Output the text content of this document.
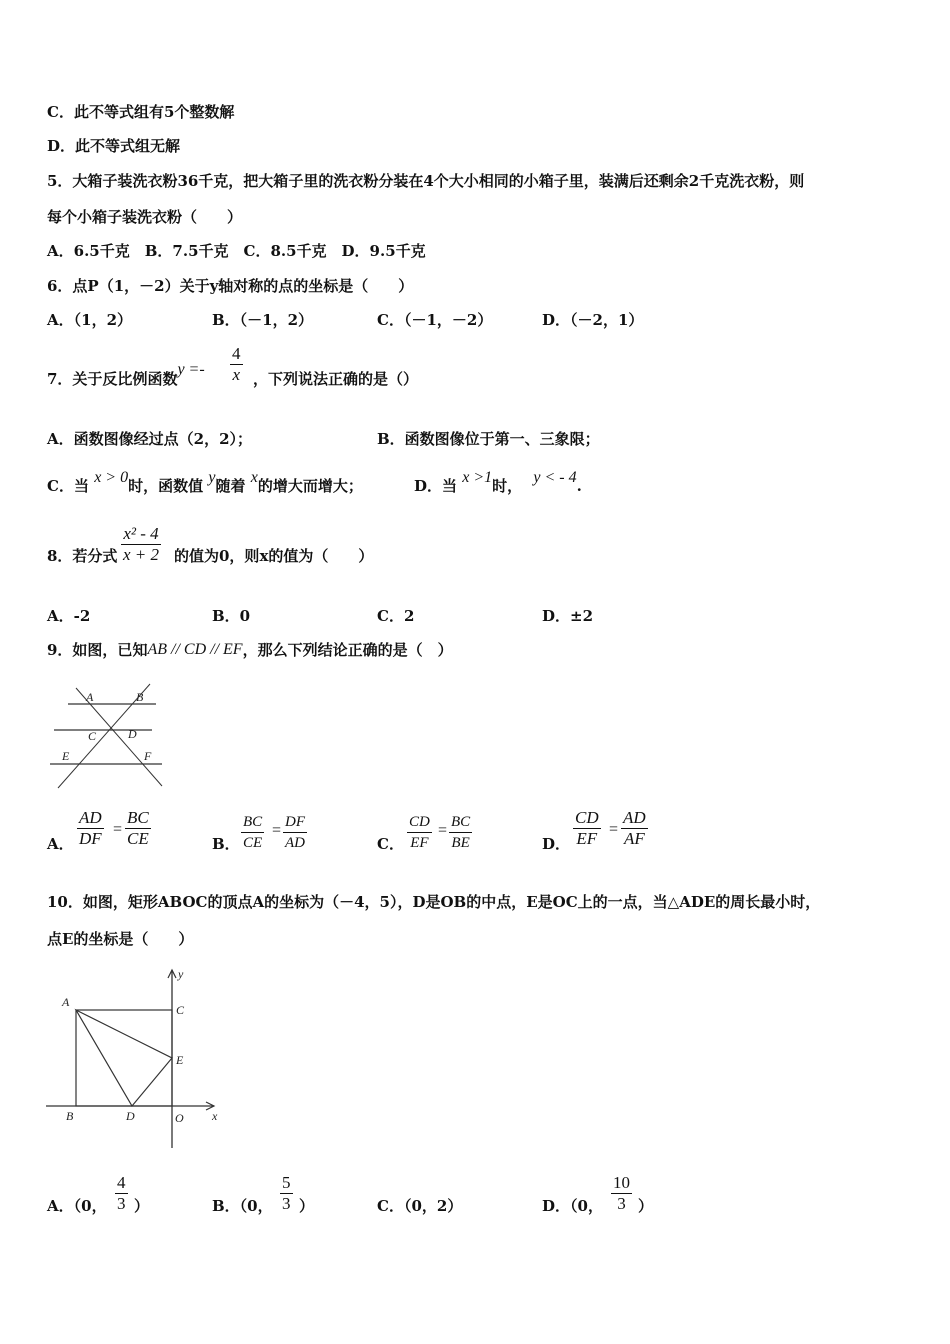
C．此不等式组有5个整数解
D．此不等式组无解
5．大箱子装洗衣粉36千克，把大箱子里的洗衣粉分装在4个大小相同的小箱子里，装满后还剩余2千克洗衣粉，则
每个小箱子装洗衣粉（　　）
A．6.5千克　B．7.5千克　C．8.5千克　D．9.5千克
6．点P（1，－2）关于y轴对称的点的坐标是（　　）
A．（1，2）	B．（－1，2）	C．（－1，－2）	D．（－2，1）
7．关于反比例函数y =-	$\frac{4}{x}$ ，下列说法正确的是（）
A．函数图像经过点（2，2）；	B．函数图像位于第一、三象限；
C．当 x > 0时，函数值 y随着 x的增大而增大；	D．当 x >1时， y < - 4.
8．若分式 $\frac{\text{x² - 4}}{x + 2}$ 的值为0，则x的值为（　　）
A．-2	B．0	C．2	D．±2
9．如图，已知AB // CD // EF，那么下列结论正确的是（　）
A	B
C	D
E	F
A． $\frac{AD}{DF} = \frac{BC}{CE}$	B． $\frac{BC}{CE} = \frac{DF}{AD}$	C． $\frac{CD}{EF} = \frac{BC}{BE}$	D． $\frac{CD}{EF} = \frac{AD}{AF}$
10．如图，矩形ABOC的顶点A的坐标为（－4，5），D是OB的中点，E是OC上的一点，当△ADE的周长最小时，
点E的坐标是（　　）
y
A
C
E
B	D	O x
A．（0， $\frac{4}{3}$ ）	B．（0， $\frac{5}{3}$ ）	C．（0，2）	D．（0， $\frac{10}{3}$ ）
